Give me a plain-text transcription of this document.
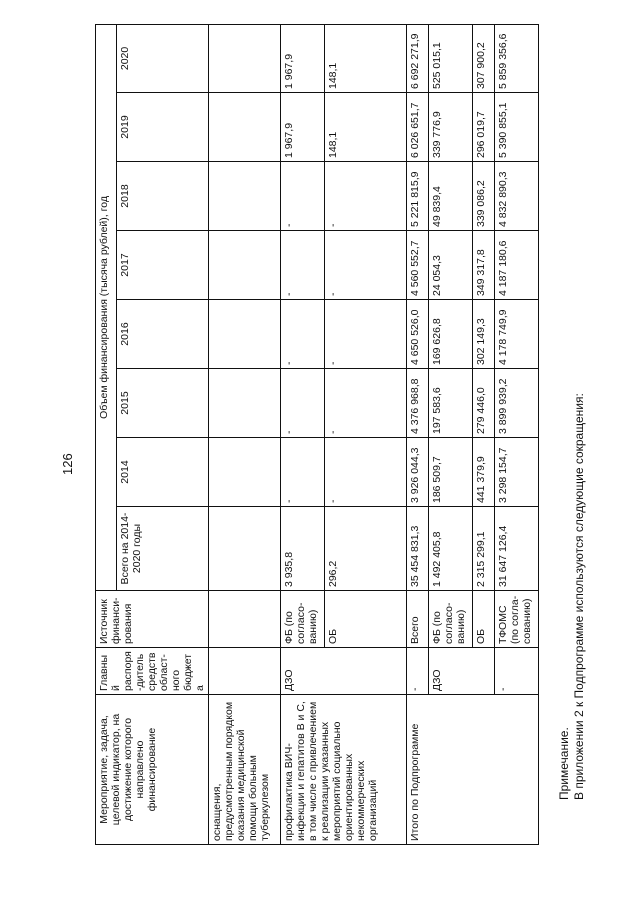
126
Мероприятие, задача, целевой индикатор, на достижение которого направлено финансирование	Главный распоря-дитель средств област-ного бюджета	Источник финанси-рования	Объем финансирования (тысяча рублей), год							
			Всего на 2014-2020 годы	2014	2015	2016	2017	2018	2019	2020
оснащения, предусмотренным порядком оказания медицинской помощи больным туберкулезом										
профилактика ВИЧ-инфекции и гепатитов В и С, в том числе с привлечением к реализации указанных мероприятий социально ориентированных некоммерческих организаций	ДЗО	ФБ (по согласо-ванию)	3 935,8	-	-	-	-	-	1 967,9	1 967,9
		ОБ	296,2	-	-	-	-	-	148,1	148,1
Итого по Подпрограмме	-	Всего	35 454 831,3	3 926 044,3	4 376 968,8	4 650 526,0	4 560 552,7	5 221 815,9	6 026 651,7	6 692 271,9
	ДЗО	ФБ (по согласо-ванию)	1 492 405,8	186 509,7	197 583,6	169 626,8	24 054,3	49 839,4	339 776,9	525 015,1
		ОБ	2 315 299,1	441 379,9	279 446,0	302 149,3	349 317,8	339 086,2	296 019,7	307 900,2
	-	ТФОМС (по согла-сованию)	31 647 126,4	3 298 154,7	3 899 939,2	4 178 749,9	4 187 180,6	4 832 890,3	5 390 855,1	5 859 356,6
Примечание. В приложении 2 к Подпрограмме используются следующие сокращения:
